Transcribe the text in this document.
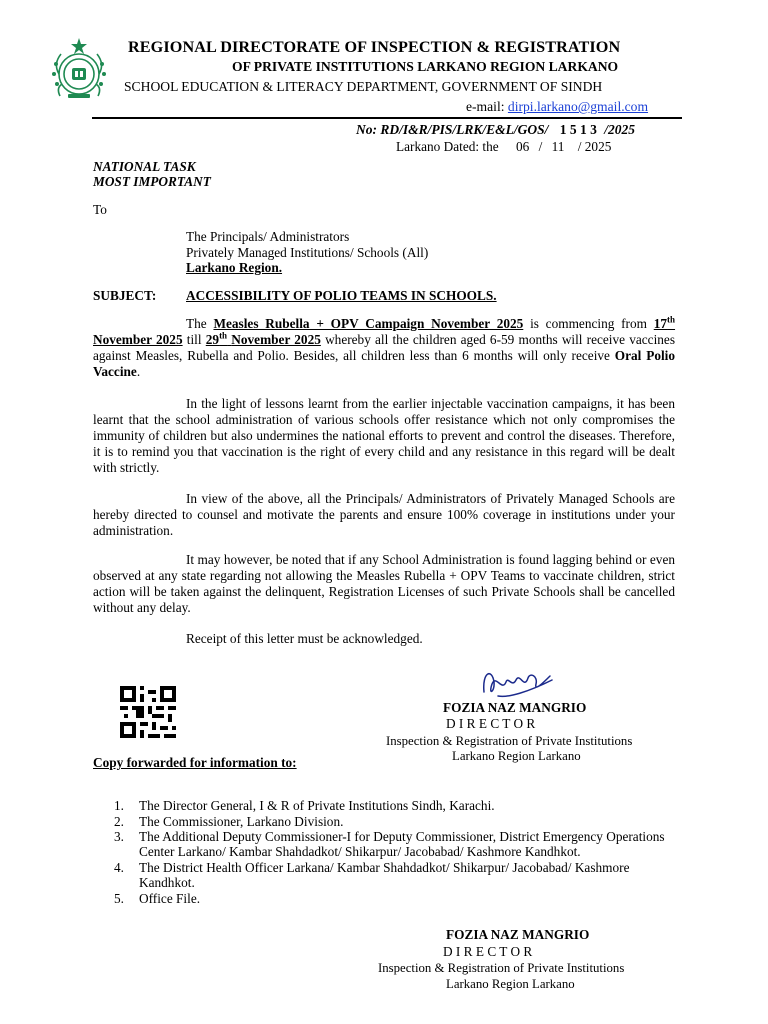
REGIONAL DIRECTORATE OF INSPECTION & REGISTRATION
OF PRIVATE INSTITUTIONS LARKANO REGION LARKANO
SCHOOL EDUCATION & LITERACY DEPARTMENT, GOVERNMENT OF SINDH
e-mail: dirpi.larkano@gmail.com
No: RD/I&R/PIS/LRK/E&L/GOS/ 1 5 1 3 /2025
Larkano Dated: the 06 / 11 / 2025
NATIONAL TASK
MOST IMPORTANT
To
The Principals/ Administrators
Privately Managed Institutions/ Schools (All)
Larkano Region.
SUBJECT: ACCESSIBILITY OF POLIO TEAMS IN SCHOOLS.
The Measles Rubella + OPV Campaign November 2025 is commencing from 17th November 2025 till 29th November 2025 whereby all the children aged 6-59 months will receive vaccines against Measles, Rubella and Polio. Besides, all children less than 6 months will only receive Oral Polio Vaccine.
In the light of lessons learnt from the earlier injectable vaccination campaigns, it has been learnt that the school administration of various schools offer resistance which not only compromises the immunity of children but also undermines the national efforts to prevent and control the diseases. Therefore, it is to remind you that vaccination is the right of every child and any resistance in this regard will be dealt with strictly.
In view of the above, all the Principals/ Administrators of Privately Managed Schools are hereby directed to counsel and motivate the parents and ensure 100% coverage in institutions under your administration.
It may however, be noted that if any School Administration is found lagging behind or even observed at any state regarding not allowing the Measles Rubella + OPV Teams to vaccinate children, strict action will be taken against the delinquent, Registration Licenses of such Private Schools shall be cancelled without any delay.
Receipt of this letter must be acknowledged.
FOZIA NAZ MANGRIO
D I R E C T O R
Inspection & Registration of Private Institutions
Larkano Region Larkano
Copy forwarded for information to:
1.	The Director General, I & R of Private Institutions Sindh, Karachi.
2.	The Commissioner, Larkano Division.
3.	The Additional Deputy Commissioner-I for Deputy Commissioner, District Emergency Operations Center Larkano/ Kambar Shahdadkot/ Shikarpur/ Jacobabad/ Kashmore Kandhkot.
4.	The District Health Officer Larkana/ Kambar Shahdadkot/ Shikarpur/ Jacobabad/ Kashmore Kandhkot.
5.	Office File.
FOZIA NAZ MANGRIO
D I R E C T O R
Inspection & Registration of Private Institutions
Larkano Region Larkano
